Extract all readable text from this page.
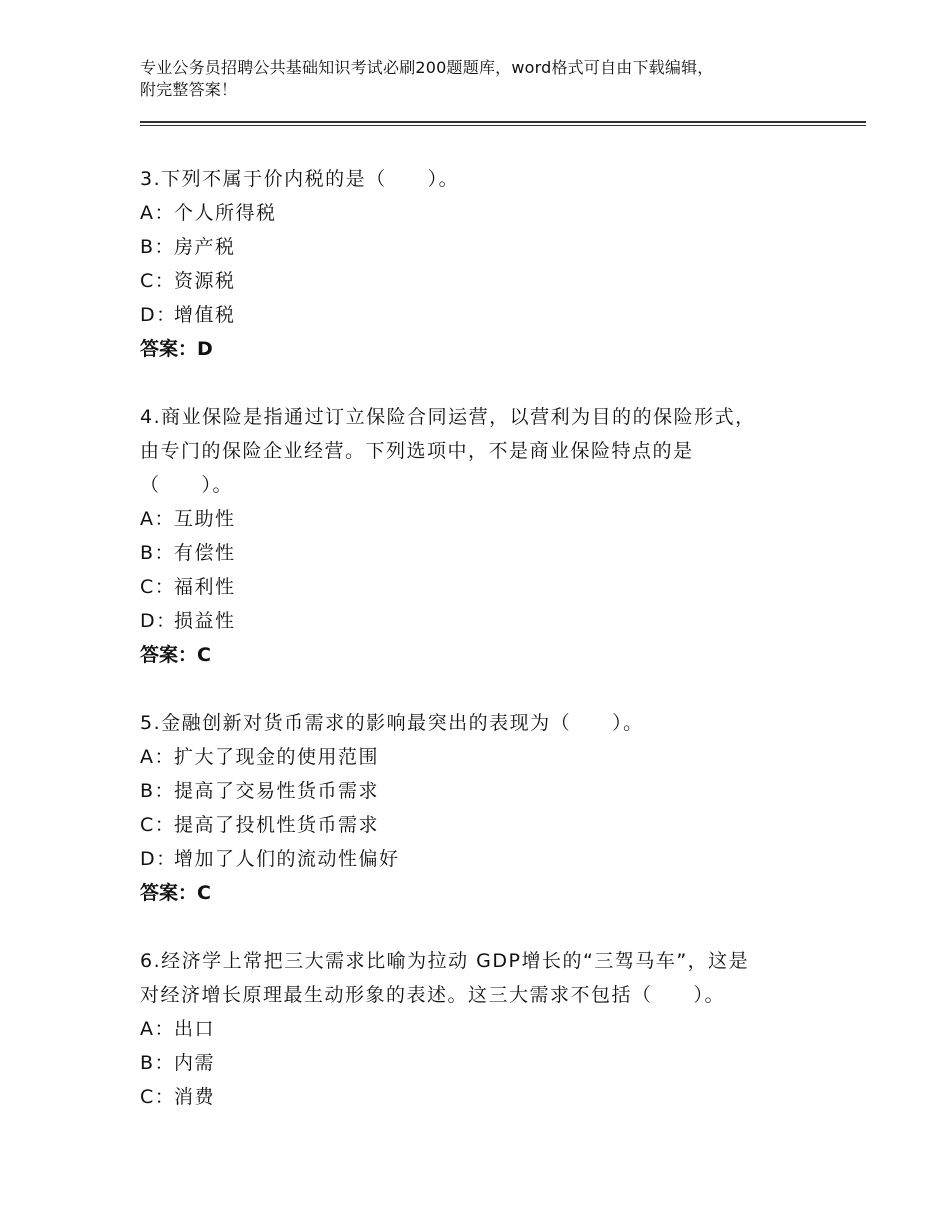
专业公务员招聘公共基础知识考试必刷200题题库，word格式可自由下载编辑，
附完整答案！

3.下列不属于价内税的是（　　）。

A：个人所得税

B：房产税

C：资源税

D：增值税

答案：D

4.商业保险是指通过订立保险合同运营，以营利为目的的保险形式，

由专门的保险企业经营。下列选项中，不是商业保险特点的是

（　　）。

A：互助性

B：有偿性

C：福利性

D：损益性

答案：C

5.金融创新对货币需求的影响最突出的表现为（　　）。

A：扩大了现金的使用范围

B：提高了交易性货币需求

C：提高了投机性货币需求

D：增加了人们的流动性偏好

答案：C

6.经济学上常把三大需求比喻为拉动 GDP增长的“三驾马车”，这是

对经济增长原理最生动形象的表述。这三大需求不包括（　　）。

A：出口

B：内需

C：消费
